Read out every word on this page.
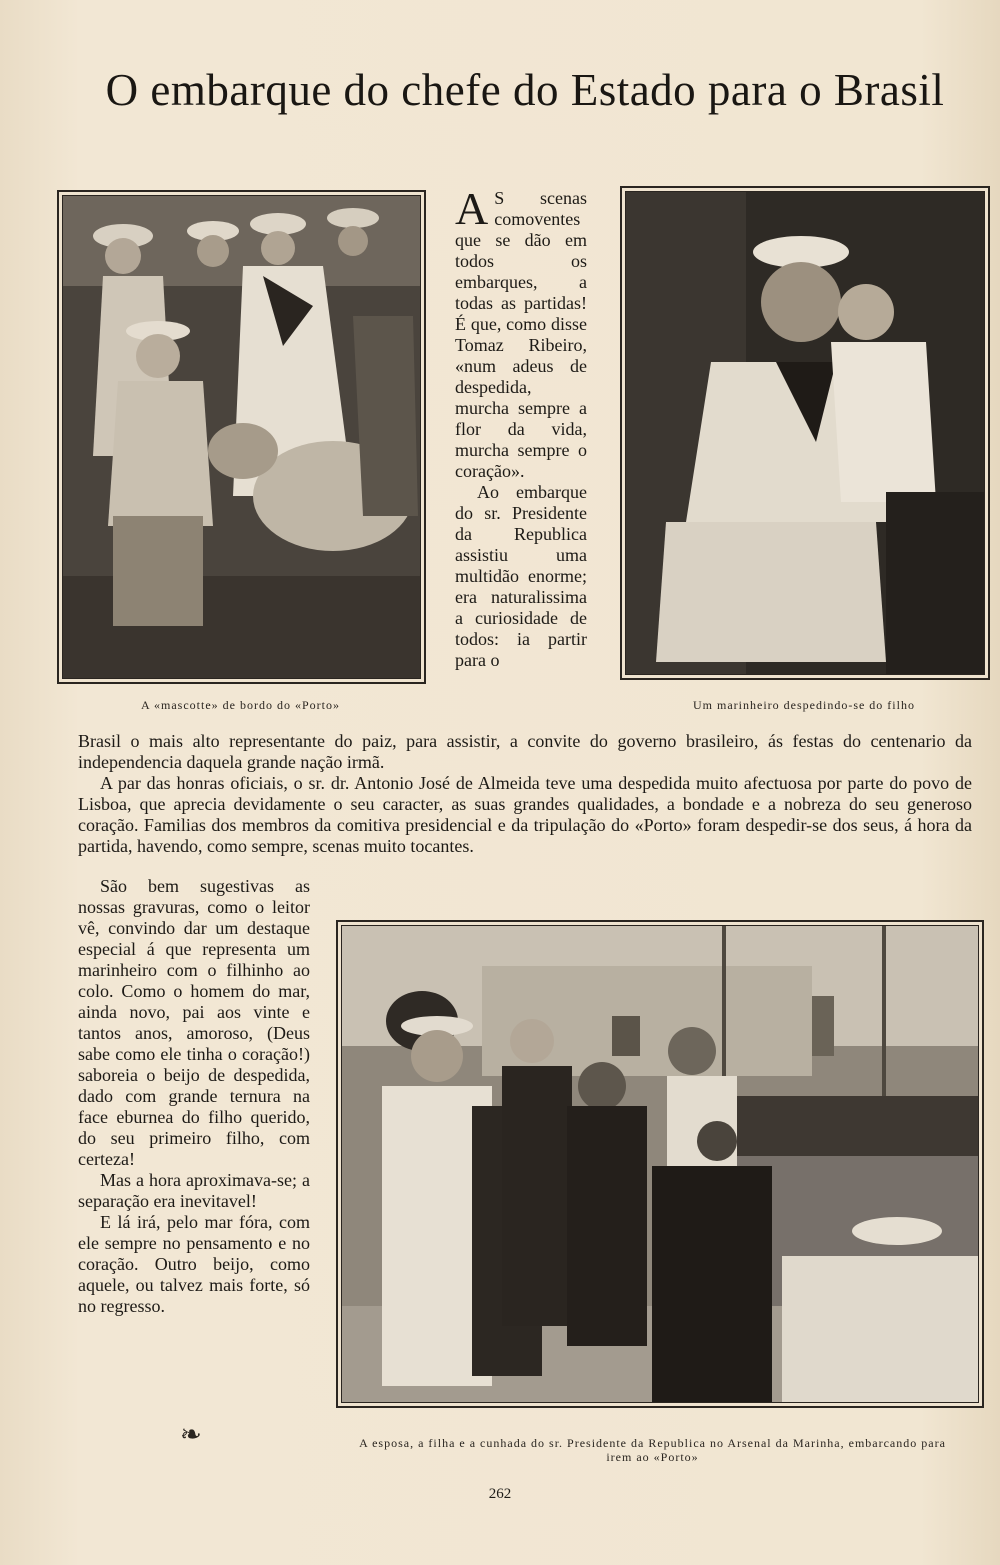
O embarque do chefe do Estado para o Brasil
A «mascotte» de bordo do «Porto»	Um marinheiro despedindo-se do filho

A S scenas comoventes que se dão em todos os embarques, a todas as partidas! É que, como disse Tomaz Ribeiro, «num adeus de despedida, murcha sempre a flor da vida, murcha sempre o coração».

Ao embarque do sr. Presidente da Republica assistiu uma multidão enorme; era naturalissima a curiosidade de todos: ia partir para o

Brasil o mais alto representante do paiz, para assistir, a convite do governo brasileiro, ás festas do centenario da independencia daquela grande nação irmã.

A par das honras oficiais, o sr. dr. Antonio José de Almeida teve uma despedida muito afectuosa por parte do povo de Lisboa, que aprecia devidamente o seu caracter, as suas grandes qualidades, a bondade e a nobreza do seu generoso coração. Familias dos membros da comitiva presidencial e da tripulação do «Porto» foram despedir-se dos seus, á hora da partida, havendo, como sempre, scenas muito tocantes.

São bem sugestivas as nossas gravuras, como o leitor vê, convindo dar um destaque especial á que representa um marinheiro com o filhinho ao colo. Como o homem do mar, ainda novo, pai aos vinte e tantos anos, amoroso, (Deus sabe como ele tinha o coração!) saboreia o beijo de despedida, dado com grande ternura na face eburnea do filho querido, do seu primeiro filho, com certeza!

Mas a hora aproximava-se; a separação era inevitavel!

E lá irá, pelo mar fóra, com ele sempre no pensamento e no coração. Outro beijo, como aquele, ou talvez mais forte, só no regresso.

A esposa, a filha e a cunhada do sr. Presidente da Republica no Arsenal da Marinha, embarcando para irem ao «Porto»
❧
262
